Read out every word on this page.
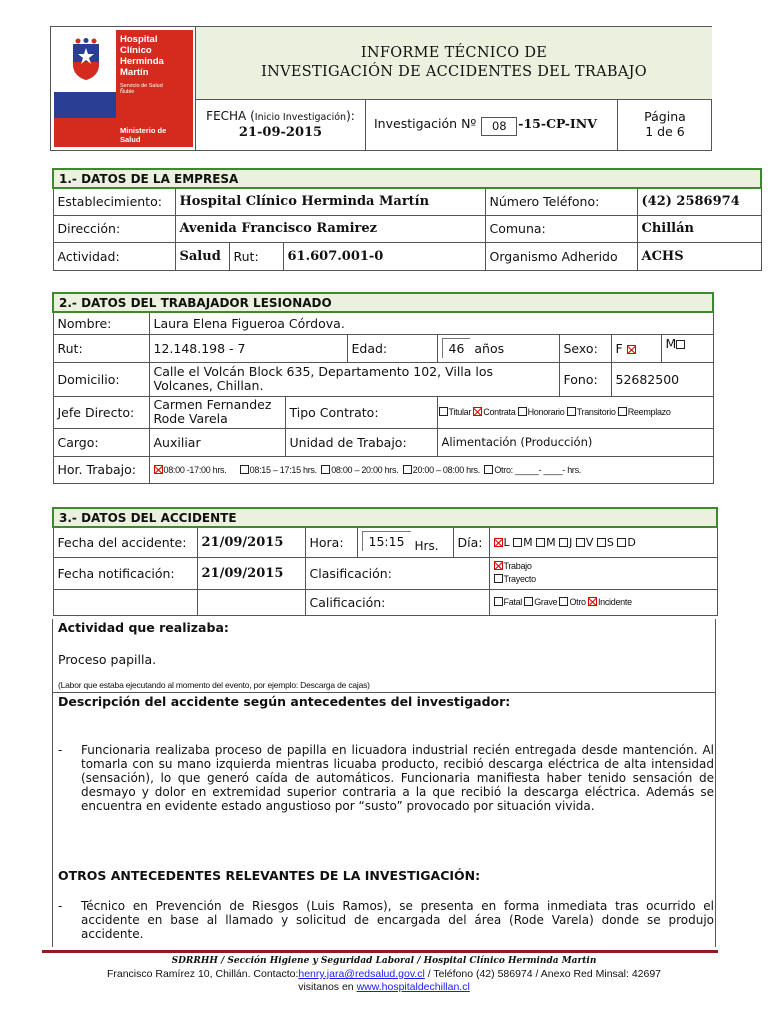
Hospital
Clínico
Herminda
Martín
Servicio de Salud
Ñuble
Ministerio de
Salud
INFORME TÉCNICO DE
INVESTIGACIÓN DE ACCIDENTES DEL TRABAJO
FECHA (Inicio Investigación):
21-09-2015
Investigación Nº 08 -15-CP-INV	Página
1 de 6
1.- DATOS DE LA EMPRESA					
Establecimiento:	Hospital Clínico Herminda Martín			Número Teléfono:	(42) 2586974
Dirección:	Avenida Francisco Ramirez			Comuna:	Chillán
Actividad:	Salud	Rut:	61.607.001-0	Organismo Adherido	ACHS
2.- DATOS DEL TRABAJADOR LESIONADO							
Nombre:	Laura Elena Figueroa Córdova.						
Rut:	12.148.198 - 7		Edad:	46 años	Sexo:	F	M
Domicilio:	Calle el Volcán Block 635, Departamento 102, Villa los
Volcanes, Chillan.				Fono:	52682500	
Jefe Directo:	Carmen Fernandez
Rode Varela	Tipo Contrato:		Titular Contrata Honorario Transitorio Reemplazo			
Cargo:	Auxiliar	Unidad de Trabajo:		Alimentación (Producción)			
Hor. Trabajo:	08:00 -17:00 hrs. 08:15 – 17:15 hrs. 08:00 – 20:00 hrs. 20:00 – 08:00 hrs. Otro: _____- ____- hrs.						
3.- DATOS DEL ACCIDENTE					
Fecha del accidente:	21/09/2015	Hora:	15:15 Hrs.	Día:	L M M J V S D
Fecha notificación:	21/09/2015	Clasificación:			Trabajo
Trayecto

		Calificación:			Fatal Grave Otro Incidente
Actividad que realizaba:
Proceso papilla.
(Labor que estaba ejecutando al momento del evento, por ejemplo: Descarga de cajas)
Descripción del accidente según antecedentes del investigador:
- Funcionaria realizaba proceso de papilla en licuadora industrial recién entregada desde mantención. Al tomarla con su mano izquierda mientras licuaba producto, recibió descarga eléctrica de alta intensidad (sensación), lo que generó caída de automáticos. Funcionaria manifiesta haber tenido sensación de desmayo y dolor en extremidad superior contraria a la que recibió la descarga eléctrica. Además se encuentra en evidente estado angustioso por “susto” provocado por situación vivida.
OTROS ANTECEDENTES RELEVANTES DE LA INVESTIGACIÓN:
- Técnico en Prevención de Riesgos (Luis Ramos), se presenta en forma inmediata tras ocurrido el accidente en base al llamado y solicitud de encargada del área (Rode Varela) donde se produjo accidente.
SDRRHH / Sección Higiene y Seguridad Laboral / Hospital Clínico Herminda Martin
Francisco Ramírez 10, Chillán. Contacto:henry.jara@redsalud.gov.cl / Teléfono (42) 586974 / Anexo Red Minsal: 42697
visitanos en www.hospitaldechillan.cl
